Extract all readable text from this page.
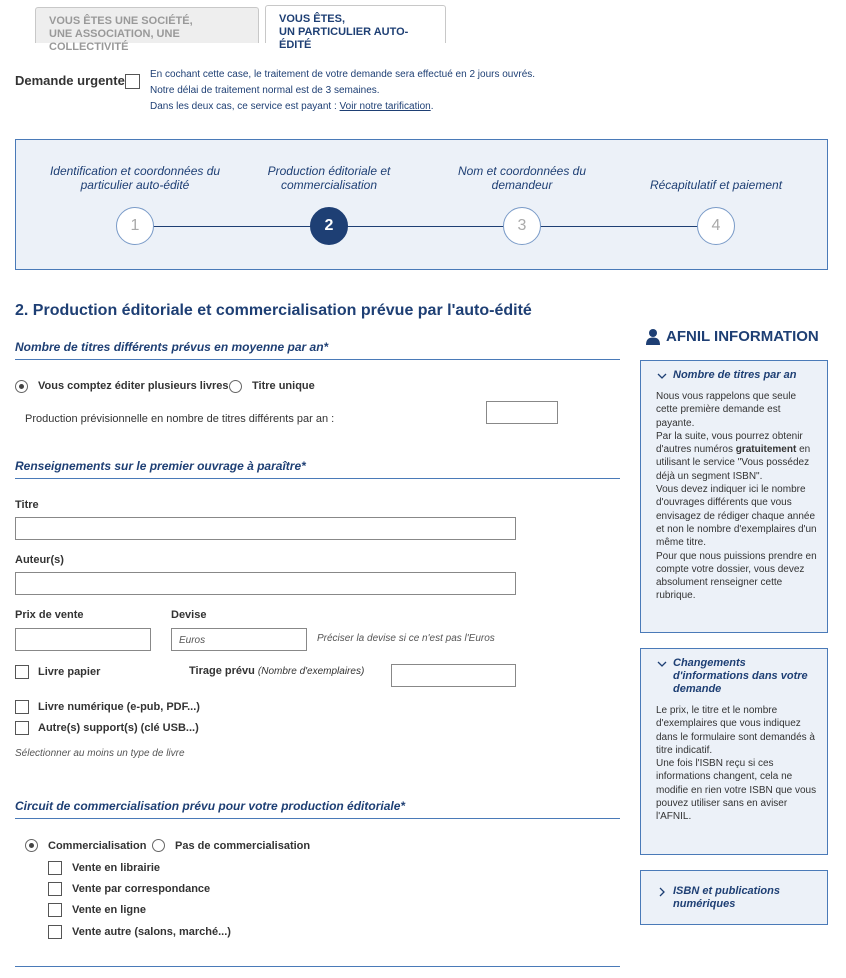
VOUS ÊTES UNE SOCIÉTÉ,
UNE ASSOCIATION, UNE COLLECTIVITÉ
VOUS ÊTES,
UN PARTICULIER AUTO-ÉDITÉ
Demande urgente	En cochant cette case, le traitement de votre demande sera effectué en 2 jours ouvrés.
Notre délai de traitement normal est de 3 semaines.
Dans les deux cas, ce service est payant : Voir notre tarification.
Identification et coordonnées du
particulier auto-édité
1
Production éditoriale et
commercialisation
2
Nom et coordonnées du
demandeur
3
Récapitulatif et paiement
4
2. Production éditoriale et commercialisation prévue par l'auto-édité
Nombre de titres différents prévus en moyenne par an*
Vous comptez éditer plusieurs livres Titre unique
Production prévisionnelle en nombre de titres différents par an :
Renseignements sur le premier ouvrage à paraître*
Titre
Auteur(s)
Prix de vente	Devise
Euros	Préciser la devise si ce n'est pas l'Euros
Livre papier	Tirage prévu (Nombre d'exemplaires)
Livre numérique (e-pub, PDF...)
Autre(s) support(s) (clé USB...)
Sélectionner au moins un type de livre
Circuit de commercialisation prévu pour votre production éditoriale*
Commercialisation	Pas de commercialisation
Vente en librairie
Vente par correspondance
Vente en ligne
Vente autre (salons, marché...)
AFNIL INFORMATION
Nombre de titres par an
Nous vous rappelons que seule cette première demande est payante.
Par la suite, vous pourrez obtenir d'autres numéros gratuitement en utilisant le service "Vous possédez déjà un segment ISBN".
Vous devez indiquer ici le nombre d'ouvrages différents que vous envisagez de rédiger chaque année et non le nombre d'exemplaires d'un même titre.
Pour que nous puissions prendre en compte votre dossier, vous devez absolument renseigner cette rubrique.
Changements d'informations dans votre demande
Le prix, le titre et le nombre d'exemplaires que vous indiquez dans le formulaire sont demandés à titre indicatif.
Une fois l'ISBN reçu si ces informations changent, cela ne modifie en rien votre ISBN que vous pouvez utiliser sans en aviser l'AFNIL.
ISBN et publications numériques
